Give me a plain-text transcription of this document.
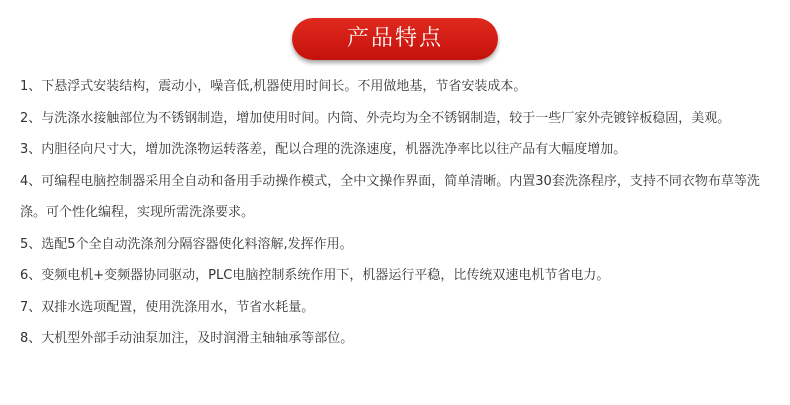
产品特点
1、下悬浮式安装结构，震动小，噪音低,机器使用时间长。不用做地基，节省安装成本。
2、与洗涤水接触部位为不锈钢制造，增加使用时间。内筒、外壳均为全不锈钢制造，较于一些厂家外壳镀锌板稳固，美观。
3、内胆径向尺寸大，增加洗涤物运转落差，配以合理的洗涤速度，机器洗净率比以往产品有大幅度增加。
4、可编程电脑控制器采用全自动和备用手动操作模式，全中文操作界面，简单清晰。内置30套洗涤程序，支持不同衣物布草等洗涤。可个性化编程，实现所需洗涤要求。
5、选配5个全自动洗涤剂分隔容器使化料溶解,发挥作用。
6、变频电机+变频器协同驱动，PLC电脑控制系统作用下，机器运行平稳，比传统双速电机节省电力。
7、双排水选项配置，使用洗涤用水，节省水耗量。
8、大机型外部手动油泵加注，及时润滑主轴轴承等部位。
